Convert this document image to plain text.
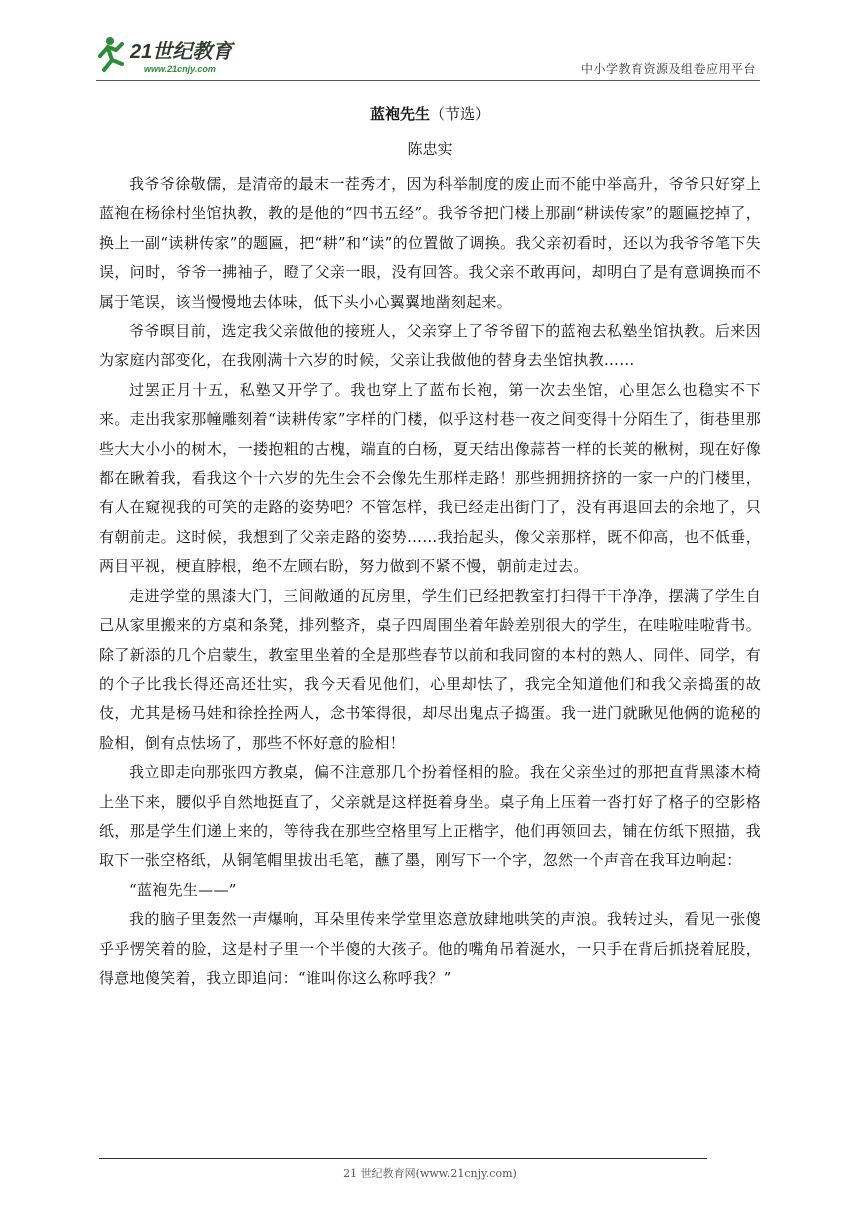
21世纪教育
www.21cnjy.com	中小学教育资源及组卷应用平台
蓝袍先生（节选）
陈忠实

我爷爷徐敬儒，是清帝的最末一茬秀才，因为科举制度的废止而不能中举高升，爷爷只好穿上蓝袍在杨徐村坐馆执教，教的是他的“四书五经”。我爷爷把门楼上那副“耕读传家”的题匾挖掉了，换上一副“读耕传家”的题匾，把“耕”和“读”的位置做了调换。我父亲初看时，还以为我爷爷笔下失误，问时，爷爷一拂袖子，瞪了父亲一眼，没有回答。我父亲不敢再问，却明白了是有意调换而不属于笔误，该当慢慢地去体味，低下头小心翼翼地凿刻起来。

爷爷暝目前，选定我父亲做他的接班人，父亲穿上了爷爷留下的蓝袍去私塾坐馆执教。后来因为家庭内部变化，在我刚满十六岁的时候，父亲让我做他的替身去坐馆执教……

过罢正月十五，私塾又开学了。我也穿上了蓝布长袍，第一次去坐馆，心里怎么也稳实不下来。走出我家那幢雕刻着“读耕传家”字样的门楼，似乎这村巷一夜之间变得十分陌生了，街巷里那些大大小小的树木，一搂抱粗的古槐，端直的白杨，夏天结出像蒜苔一样的长荚的楸树，现在好像都在瞅着我，看我这个十六岁的先生会不会像先生那样走路！那些拥拥挤挤的一家一户的门楼里，有人在窥视我的可笑的走路的姿势吧？不管怎样，我已经走出街门了，没有再退回去的余地了，只有朝前走。这时候，我想到了父亲走路的姿势……我抬起头，像父亲那样，既不仰高，也不低垂，两目平视，梗直脖根，绝不左顾右盼，努力做到不紧不慢，朝前走过去。

走进学堂的黑漆大门，三间敞通的瓦房里，学生们已经把教室打扫得干干净净，摆满了学生自己从家里搬来的方桌和条凳，排列整齐，桌子四周围坐着年龄差别很大的学生，在哇啦哇啦背书。除了新添的几个启蒙生，教室里坐着的全是那些春节以前和我同窗的本村的熟人、同伴、同学，有的个子比我长得还高还壮实，我今天看见他们，心里却怯了，我完全知道他们和我父亲捣蛋的故伎，尤其是杨马娃和徐拴拴两人，念书笨得很，却尽出鬼点子捣蛋。我一进门就瞅见他俩的诡秘的脸相，倒有点怯场了，那些不怀好意的脸相！

我立即走向那张四方教桌，偏不注意那几个扮着怪相的脸。我在父亲坐过的那把直背黑漆木椅上坐下来，腰似乎自然地挺直了，父亲就是这样挺着身坐。桌子角上压着一沓打好了格子的空影格纸，那是学生们递上来的，等待我在那些空格里写上正楷字，他们再领回去，铺在仿纸下照描，我取下一张空格纸，从铜笔帽里拔出毛笔，蘸了墨，刚写下一个字，忽然一个声音在我耳边响起：

“蓝袍先生——”

我的脑子里轰然一声爆响，耳朵里传来学堂里恣意放肆地哄笑的声浪。我转过头，看见一张傻乎乎愣笑着的脸，这是村子里一个半傻的大孩子。他的嘴角吊着涎水，一只手在背后抓挠着屁股，得意地傻笑着，我立即追问：“谁叫你这么称呼我？”

21 世纪教育网(www.21cnjy.com)
